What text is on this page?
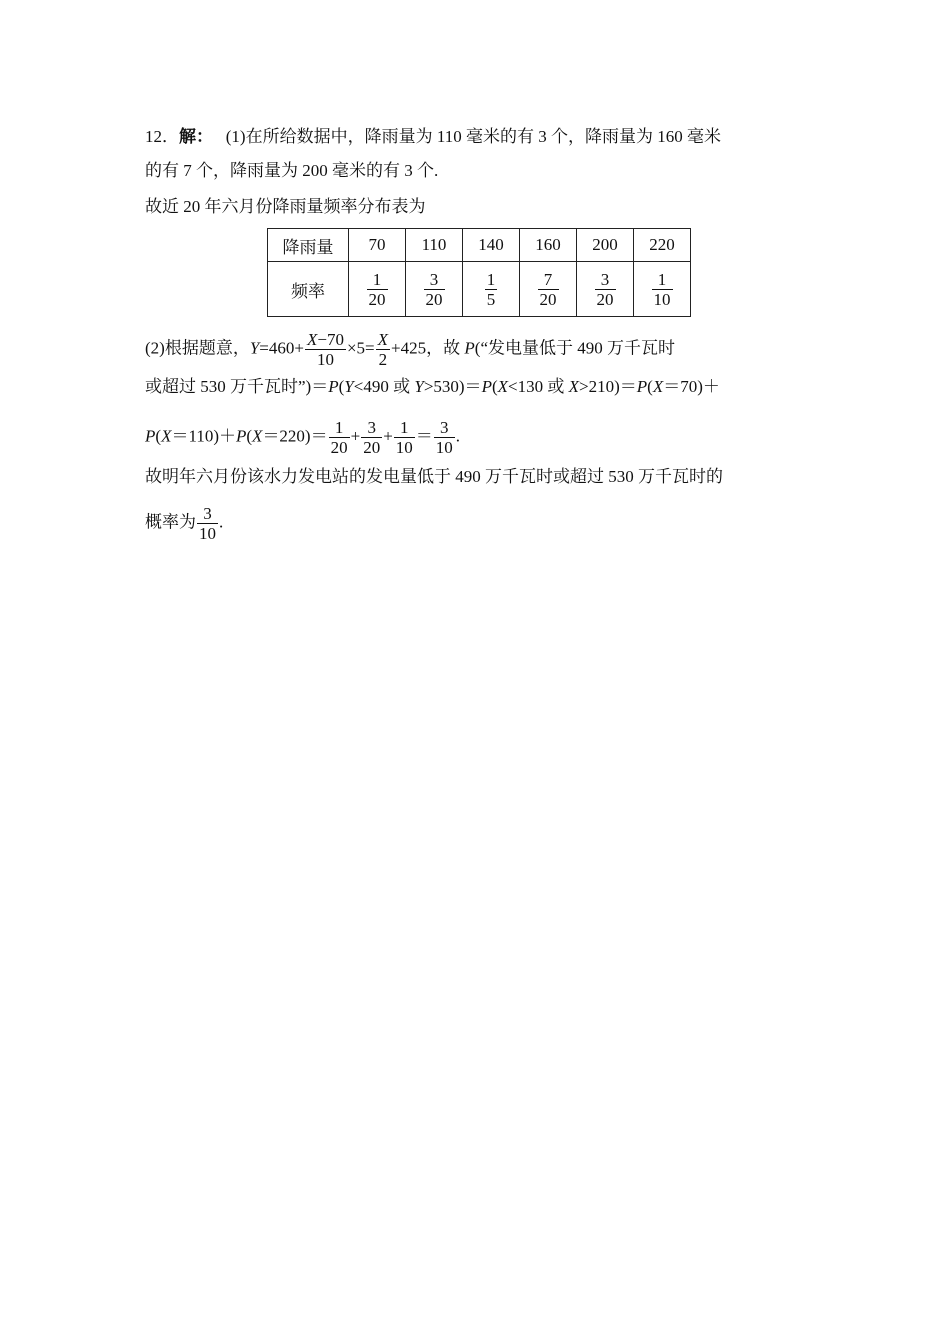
12．解： (1)在所给数据中，降雨量为 110 毫米的有 3 个，降雨量为 160 毫米
的有 7 个，降雨量为 200 毫米的有 3 个.
故近 20 年六月份降雨量频率分布表为
降雨量	70	110	140	160	200	220
频率	$\frac{1}{20}$	$\frac{3}{20}$	$\frac{1}{5}$	$\frac{7}{20}$	$\frac{3}{20}$	$\frac{1}{10}$
(2)根据题意，$Y=460+ \frac{X-70}{10} \times 5= \frac{X}{2} +425$，故 P(“发电量低于 490 万千瓦时
或超过 530 万千瓦时”)＝P(Y<490 或 Y>530)＝P(X<130 或 X>210)＝P(X＝70)＋
$P(X=110)+P(X=220)= \frac{1}{20} + \frac{3}{20} + \frac{1}{10} = \frac{3}{10}$ .
故明年六月份该水力发电站的发电量低于 490 万千瓦时或超过 530 万千瓦时的
概率为 $\frac{3}{10}$ .
